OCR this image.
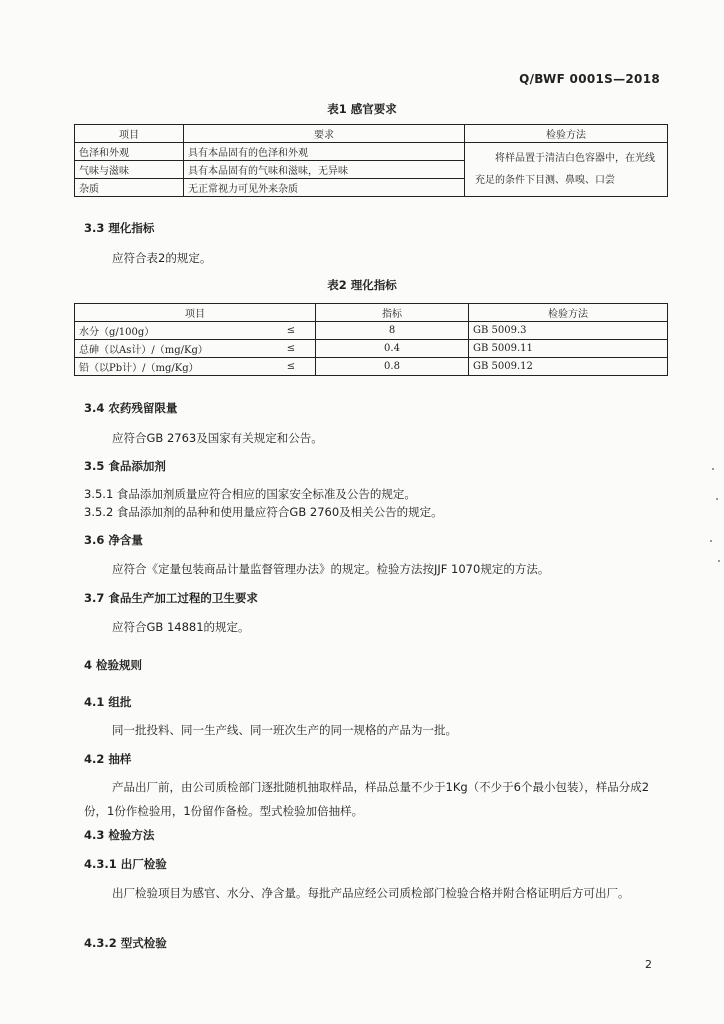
Q/BWF 0001S—2018
表1 感官要求
项目	要求	检验方法
色泽和外观	具有本品固有的色泽和外观	将样品置于清洁白色容器中，在光线充足的条件下目测、鼻嗅、口尝
气味与滋味	具有本品固有的气味和滋味，无异味	
杂质	无正常视力可见外来杂质	
3.3 理化指标
应符合表2的规定。
表2 理化指标
项目		指标	检验方法
水分（g/100g）	≤	8	GB 5009.3
总砷（以As计）/（mg/Kg）	≤	0.4	GB 5009.11
铅（以Pb计）/（mg/Kg）	≤	0.8	GB 5009.12
3.4 农药残留限量
应符合GB 2763及国家有关规定和公告。
3.5 食品添加剂
3.5.1 食品添加剂质量应符合相应的国家安全标准及公告的规定。
3.5.2 食品添加剂的品种和使用量应符合GB 2760及相关公告的规定。
3.6 净含量
应符合《定量包装商品计量监督管理办法》的规定。检验方法按JJF 1070规定的方法。
3.7 食品生产加工过程的卫生要求
应符合GB 14881的规定。
4 检验规则
4.1 组批
同一批投料、同一生产线、同一班次生产的同一规格的产品为一批。
4.2 抽样
产品出厂前，由公司质检部门逐批随机抽取样品，样品总量不少于1Kg（不少于6个最小包装），样品分成2份，1份作检验用，1份留作备检。型式检验加倍抽样。
4.3 检验方法
4.3.1 出厂检验
出厂检验项目为感官、水分、净含量。每批产品应经公司质检部门检验合格并附合格证明后方可出厂。
4.3.2 型式检验
2
